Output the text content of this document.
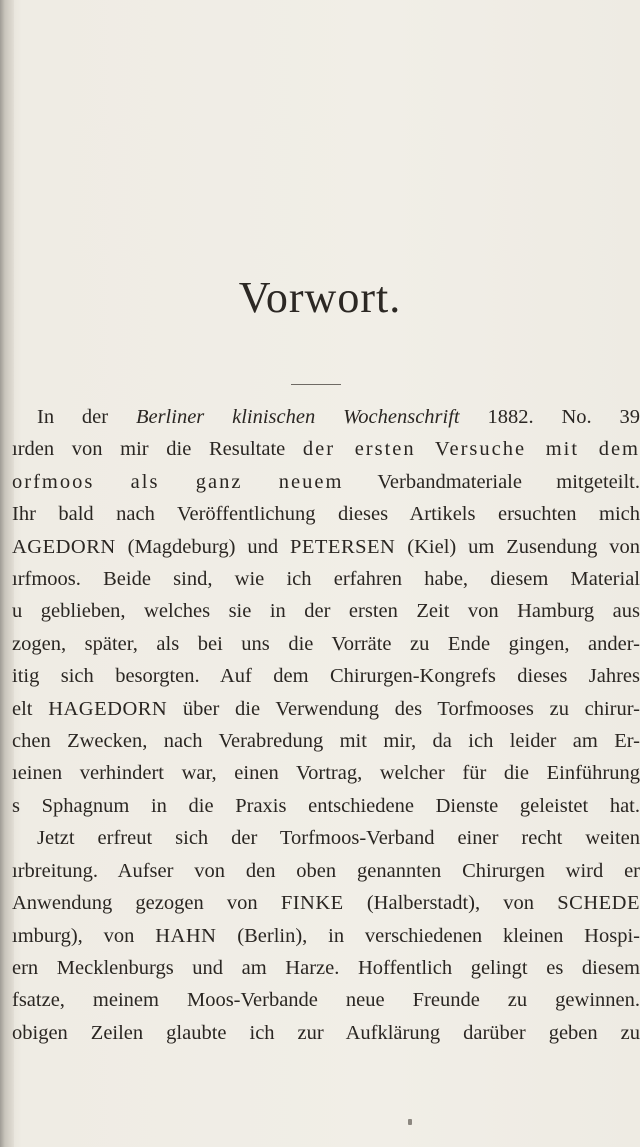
Vorwort.
In der Berliner klinischen Wochenschrift 1882. No. 39
ırden von mir die Resultate der ersten Versuche mit dem
orfmoos als ganz neuem Verbandmateriale mitgeteilt.
Ihr bald nach Veröffentlichung dieses Artikels ersuchten mich
AGEDORN (Magdeburg) und PETERSEN (Kiel) um Zusendung von
ırfmoos. Beide sind, wie ich erfahren habe, diesem Material
u geblieben, welches sie in der ersten Zeit von Hamburg aus
zogen, später, als bei uns die Vorräte zu Ende gingen, ander-
itig sich besorgten. Auf dem Chirurgen-Kongrefs dieses Jahres
elt HAGEDORN über die Verwendung des Torfmooses zu chirur-
chen Zwecken, nach Verabredung mit mir, da ich leider am Er-
ıeinen verhindert war, einen Vortrag, welcher für die Einführung
s Sphagnum in die Praxis entschiedene Dienste geleistet hat.
Jetzt erfreut sich der Torfmoos-Verband einer recht weiten
ırbreitung. Aufser von den oben genannten Chirurgen wird er
Anwendung gezogen von FINKE (Halberstadt), von SCHEDE
ımburg), von HAHN (Berlin), in verschiedenen kleinen Hospi-
ern Mecklenburgs und am Harze. Hoffentlich gelingt es diesem
fsatze, meinem Moos-Verbande neue Freunde zu gewinnen.
obigen Zeilen glaubte ich zur Aufklärung darüber geben zu
